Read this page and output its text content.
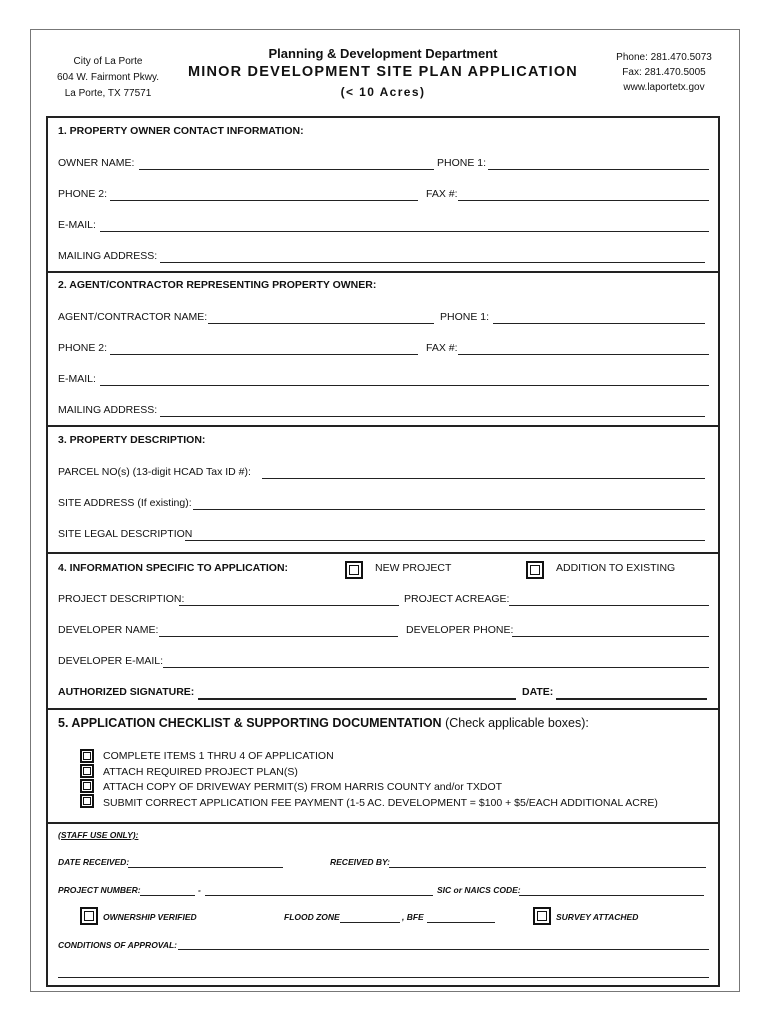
City of La Porte
604 W. Fairmont Pkwy.
La Porte, TX 77571
Planning & Development Department
MINOR DEVELOPMENT SITE PLAN APPLICATION
(< 10 Acres)
Phone: 281.470.5073
Fax: 281.470.5005
www.laportetx.gov
1. PROPERTY OWNER CONTACT INFORMATION:
OWNER NAME:	PHONE 1:
PHONE 2:	FAX #:
E-MAIL:
MAILING ADDRESS:
2. AGENT/CONTRACTOR REPRESENTING PROPERTY OWNER:
AGENT/CONTRACTOR NAME:	PHONE 1:
PHONE 2:	FAX #:
E-MAIL:
MAILING ADDRESS:
3. PROPERTY DESCRIPTION:
PARCEL NO(s) (13-digit HCAD Tax ID #):
SITE ADDRESS (If existing):
SITE LEGAL DESCRIPTION
4. INFORMATION SPECIFIC TO APPLICATION:	NEW PROJECT	ADDITION TO EXISTING
PROJECT DESCRIPTION:	PROJECT ACREAGE:
DEVELOPER NAME:	DEVELOPER PHONE:
DEVELOPER E-MAIL:
AUTHORIZED SIGNATURE:	DATE:
5. APPLICATION CHECKLIST & SUPPORTING DOCUMENTATION (Check applicable boxes):
COMPLETE ITEMS 1 THRU 4 OF APPLICATION
ATTACH REQUIRED PROJECT PLAN(S)
ATTACH COPY OF DRIVEWAY PERMIT(S) FROM HARRIS COUNTY and/or TXDOT
SUBMIT CORRECT APPLICATION FEE PAYMENT (1-5 AC. DEVELOPMENT = $100 + $5/EACH ADDITIONAL ACRE)
(STAFF USE ONLY):
DATE RECEIVED:	RECEIVED BY:
PROJECT NUMBER:	-	SIC or NAICS CODE:
OWNERSHIP VERIFIED	FLOOD ZONE	, BFE	SURVEY ATTACHED
CONDITIONS OF APPROVAL:
